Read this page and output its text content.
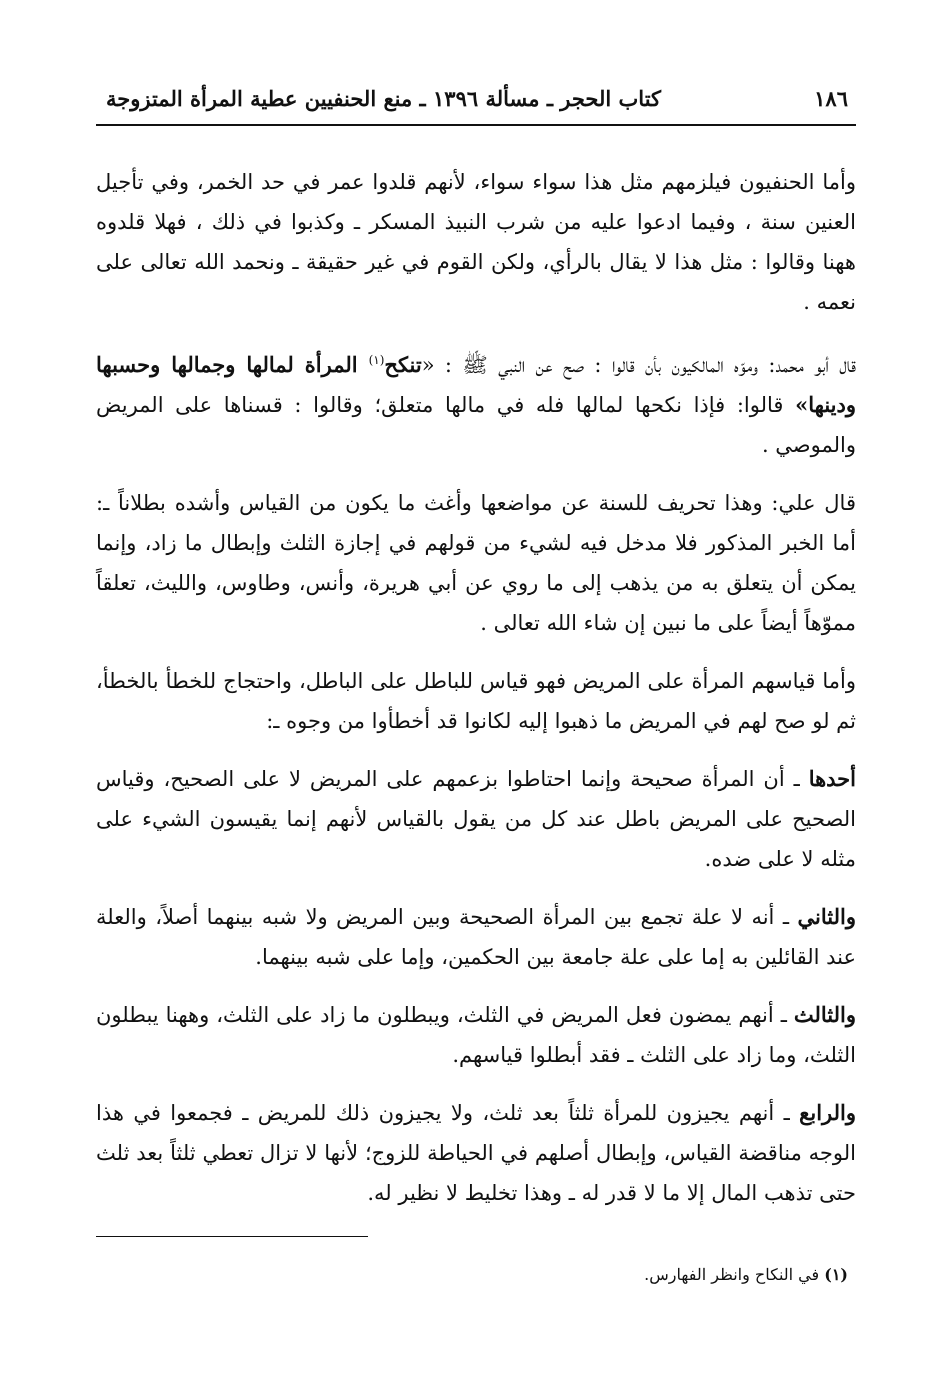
١٨٦
كتاب الحجر ـ مسألة ١٣٩٦ ـ منع الحنفيين عطية المرأة المتزوجة

وأما الحنفيون فيلزمهم مثل هذا سواء سواء، لأنهم قلدوا عمر في حد الخمر، وفي تأجيل العنين سنة ، وفيما ادعوا عليه من شرب النبيذ المسكر ـ وكذبوا في ذلك ، فهلا قلدوه ههنا وقالوا : مثل هذا لا يقال بالرأي، ولكن القوم في غير حقيقة ـ ونحمد الله تعالى على نعمه .

قال أبو محمد: وموّه المالكيون بأن قالوا : صح عن النبي ﷺ : «تنكح$^{(١)}$ المرأة لمالها وجمالها وحسبها ودينها» قالوا: فإذا نكحها لمالها فله في مالها متعلق؛ وقالوا : قسناها على المريض والموصي .

قال علي: وهذا تحريف للسنة عن مواضعها وأغث ما يكون من القياس وأشده بطلاناً ـ: أما الخبر المذكور فلا مدخل فيه لشيء من قولهم في إجازة الثلث وإبطال ما زاد، وإنما يمكن أن يتعلق به من يذهب إلى ما روي عن أبي هريرة، وأنس، وطاوس، والليث، تعلقاً مموّهاً أيضاً على ما نبين إن شاء الله تعالى .

وأما قياسهم المرأة على المريض فهو قياس للباطل على الباطل، واحتجاج للخطأ بالخطأ، ثم لو صح لهم في المريض ما ذهبوا إليه لكانوا قد أخطأوا من وجوه ـ:

أحدها ـ أن المرأة صحيحة وإنما احتاطوا بزعمهم على المريض لا على الصحيح، وقياس الصحيح على المريض باطل عند كل من يقول بالقياس لأنهم إنما يقيسون الشيء على مثله لا على ضده.

والثاني ـ أنه لا علة تجمع بين المرأة الصحيحة وبين المريض ولا شبه بينهما أصلاً، والعلة عند القائلين به إما على علة جامعة بين الحكمين، وإما على شبه بينهما.

والثالث ـ أنهم يمضون فعل المريض في الثلث، ويبطلون ما زاد على الثلث، وههنا يبطلون الثلث، وما زاد على الثلث ـ فقد أبطلوا قياسهم.

والرابع ـ أنهم يجيزون للمرأة ثلثاً بعد ثلث، ولا يجيزون ذلك للمريض ـ فجمعوا في هذا الوجه مناقضة القياس، وإبطال أصلهم في الحياطة للزوج؛ لأنها لا تزال تعطي ثلثاً بعد ثلث حتى تذهب المال إلا ما لا قدر له ـ وهذا تخليط لا نظير له.

(١) في النكاح وانظر الفهارس.
